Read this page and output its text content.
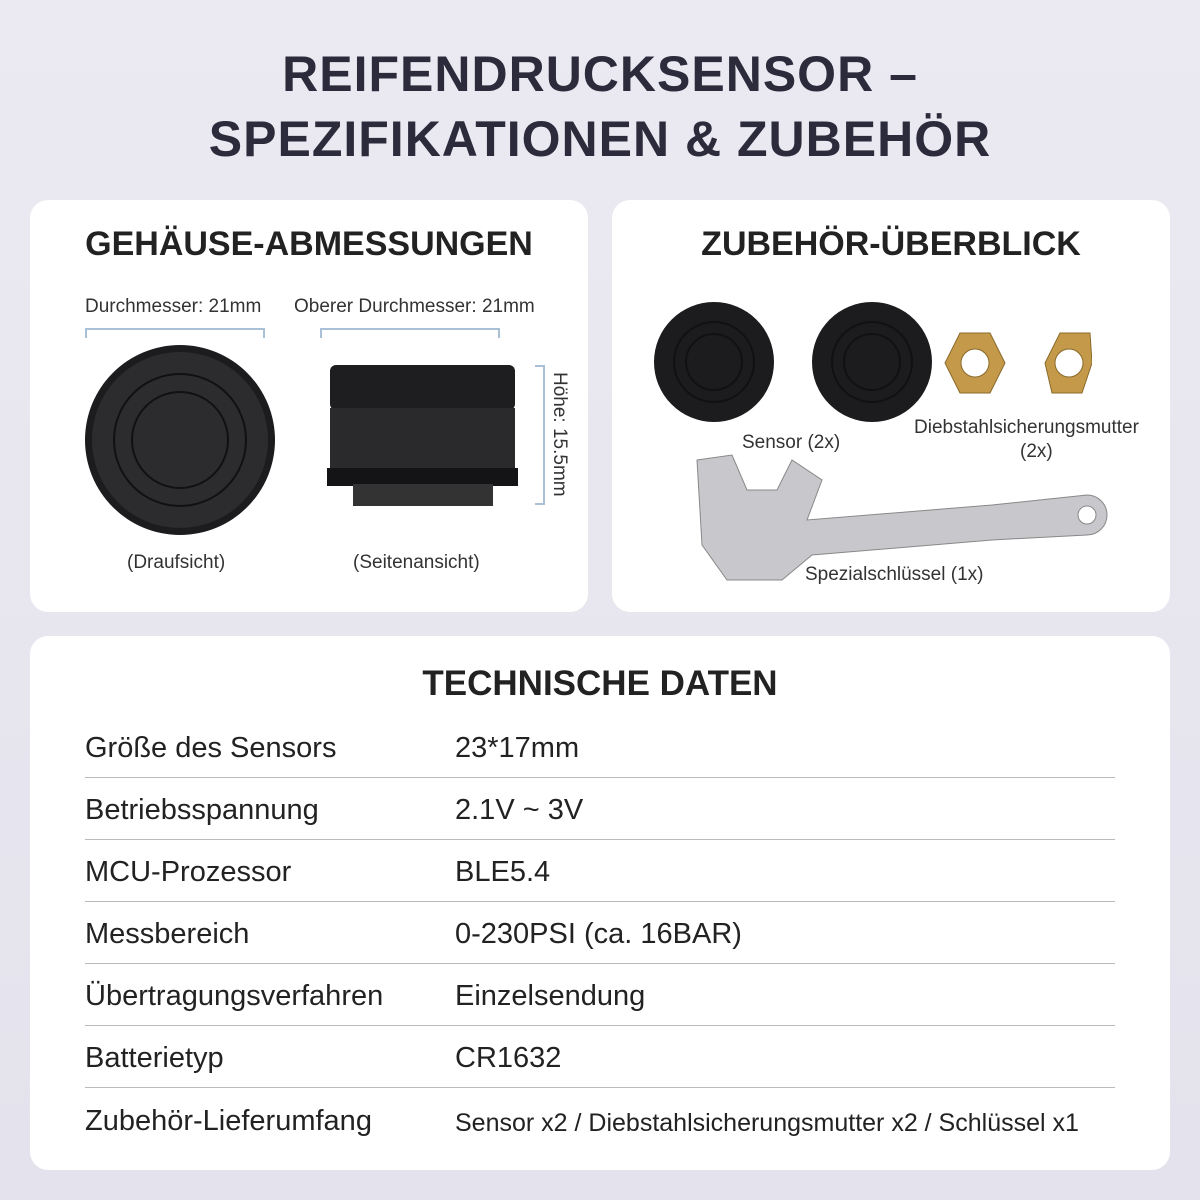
REIFENDRUCKSENSOR –
SPEZIFIKATIONEN & ZUBEHÖR
GEHÄUSE-ABMESSUNGEN
Durchmesser: 21mm Oberer Durchmesser: 21mm
Höhe: 15.5mm
(Draufsicht)	(Seitenansicht)
ZUBEHÖR-ÜBERBLICK
Sensor (2x)
Diebstahlsicherungsmutter
(2x)
Spezialschlüssel (1x)
TECHNISCHE DATEN
Größe des Sensors	23*17mm
Betriebsspannung	2.1V ~ 3V
MCU-Prozessor	BLE5.4
Messbereich	0-230PSI (ca. 16BAR)
Übertragungsverfahren Einzelsendung
Batterietyp	CR1632
Zubehör-Lieferumfang	Sensor x2 / Diebstahlsicherungsmutter x2 / Schlüssel x1
